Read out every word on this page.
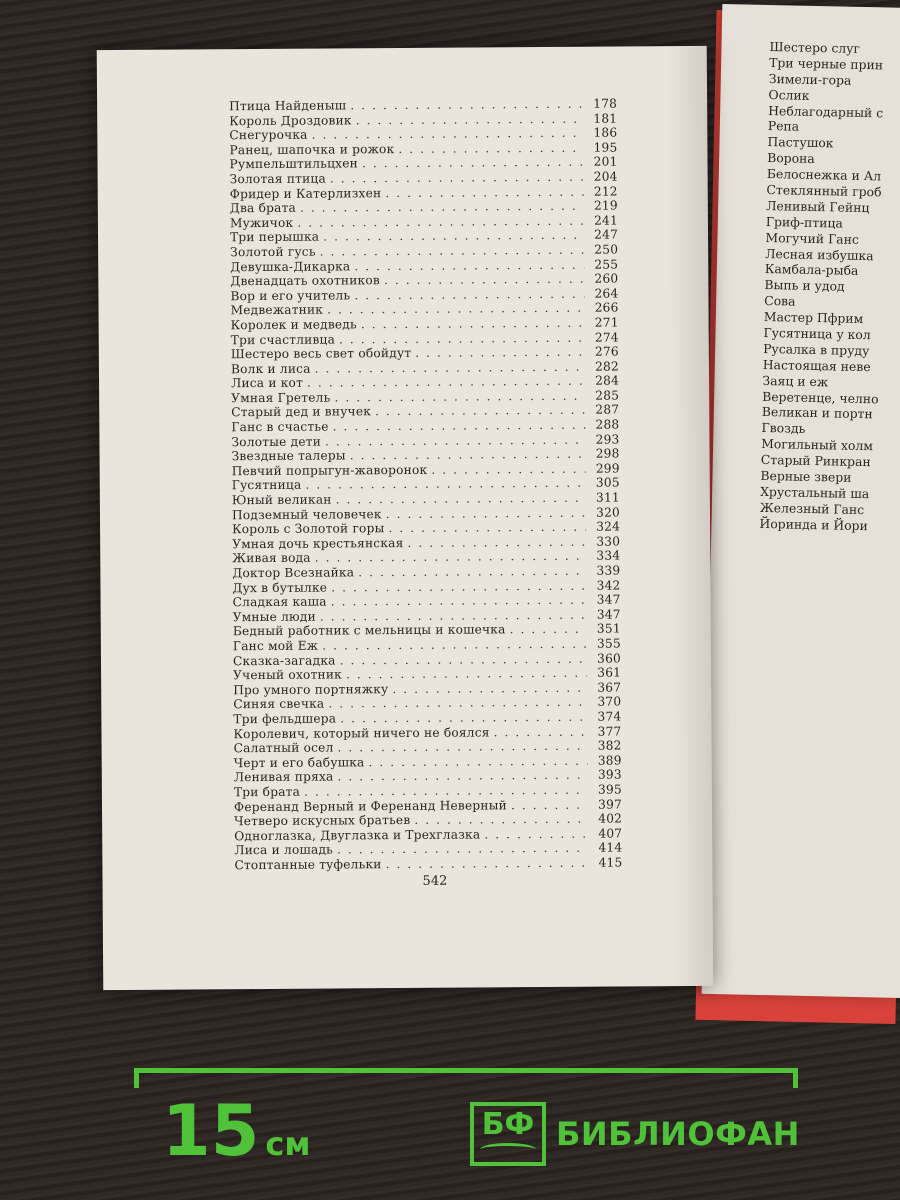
Шестеро слуг
Три черные прин
Зимели-гора
Ослик
Неблагодарный с
Репа
Пастушок
Ворона
Белоснежка и Ал
Стеклянный гроб
Ленивый Гейнц
Гриф-птица
Могучий Ганс
Лесная избушка
Камбала-рыба
Выпь и удод
Сова
Мастер Пфрим
Гусятница у кол
Русалка в пруду
Настоящая неве
Заяц и еж
Веретенце, челно
Великан и портн
Гвоздь
Могильный холм
Старый Ринкран
Верные звери
Хрустальный ша
Железный Ганс
Йоринда и Йори
Птица Найденыш .....	178
Король Дроздовик .....	181
Снегурочка .....	186
Ранец, шапочка и рожок .....	195
Румпельштильцхен .....	201
Золотая птица .....	204
Фридер и Катерлизхен .....	212
Два брата .....	219
Мужичок .....	241
Три перышка .....	247
Золотой гусь .....	250
Девушка-Дикарка .....	255
Двенадцать охотников .....	260
Вор и его учитель .....	264
Медвежатник .....	266
Королек и медведь .....	271
Три счастливца .....	274
Шестеро весь свет обойдут .....	276
Волк и лиса .....	282
Лиса и кот .....	284
Умная Гретель .....	285
Старый дед и внучек .....	287
Ганс в счастье .....	288
Золотые дети .....	293
Звездные талеры .....	298
Певчий попрыгун-жаворонок .....	299
Гусятница .....	305
Юный великан .....	311
Подземный человечек .....	320
Король с Золотой горы .....	324
Умная дочь крестьянская .....	330
Живая вода .....	334
Доктор Всезнайка .....	339
Дух в бутылке .....	342
Сладкая каша .....	347
Умные люди .....	347
Бедный работник с мельницы и кошечка .....	351
Ганс мой Еж .....	355
Сказка-загадка .....	360
Ученый охотник .....	361
Про умного портняжку .....	367
Синяя свечка .....	370
Три фельдшера .....	374
Королевич, который ничего не боялся .....	377
Салатный осел .....	382
Черт и его бабушка .....	389
Ленивая пряха .....	393
Три брата .....	395
Ференанд Верный и Ференанд Неверный .....	397
Четверо искусных братьев .....	402
Одноглазка, Двуглазка и Трехглазка .....	407
Лиса и лошадь .....	414
Стоптанные туфельки .....	415
542
15 см
БФ БИБЛИОФАН
